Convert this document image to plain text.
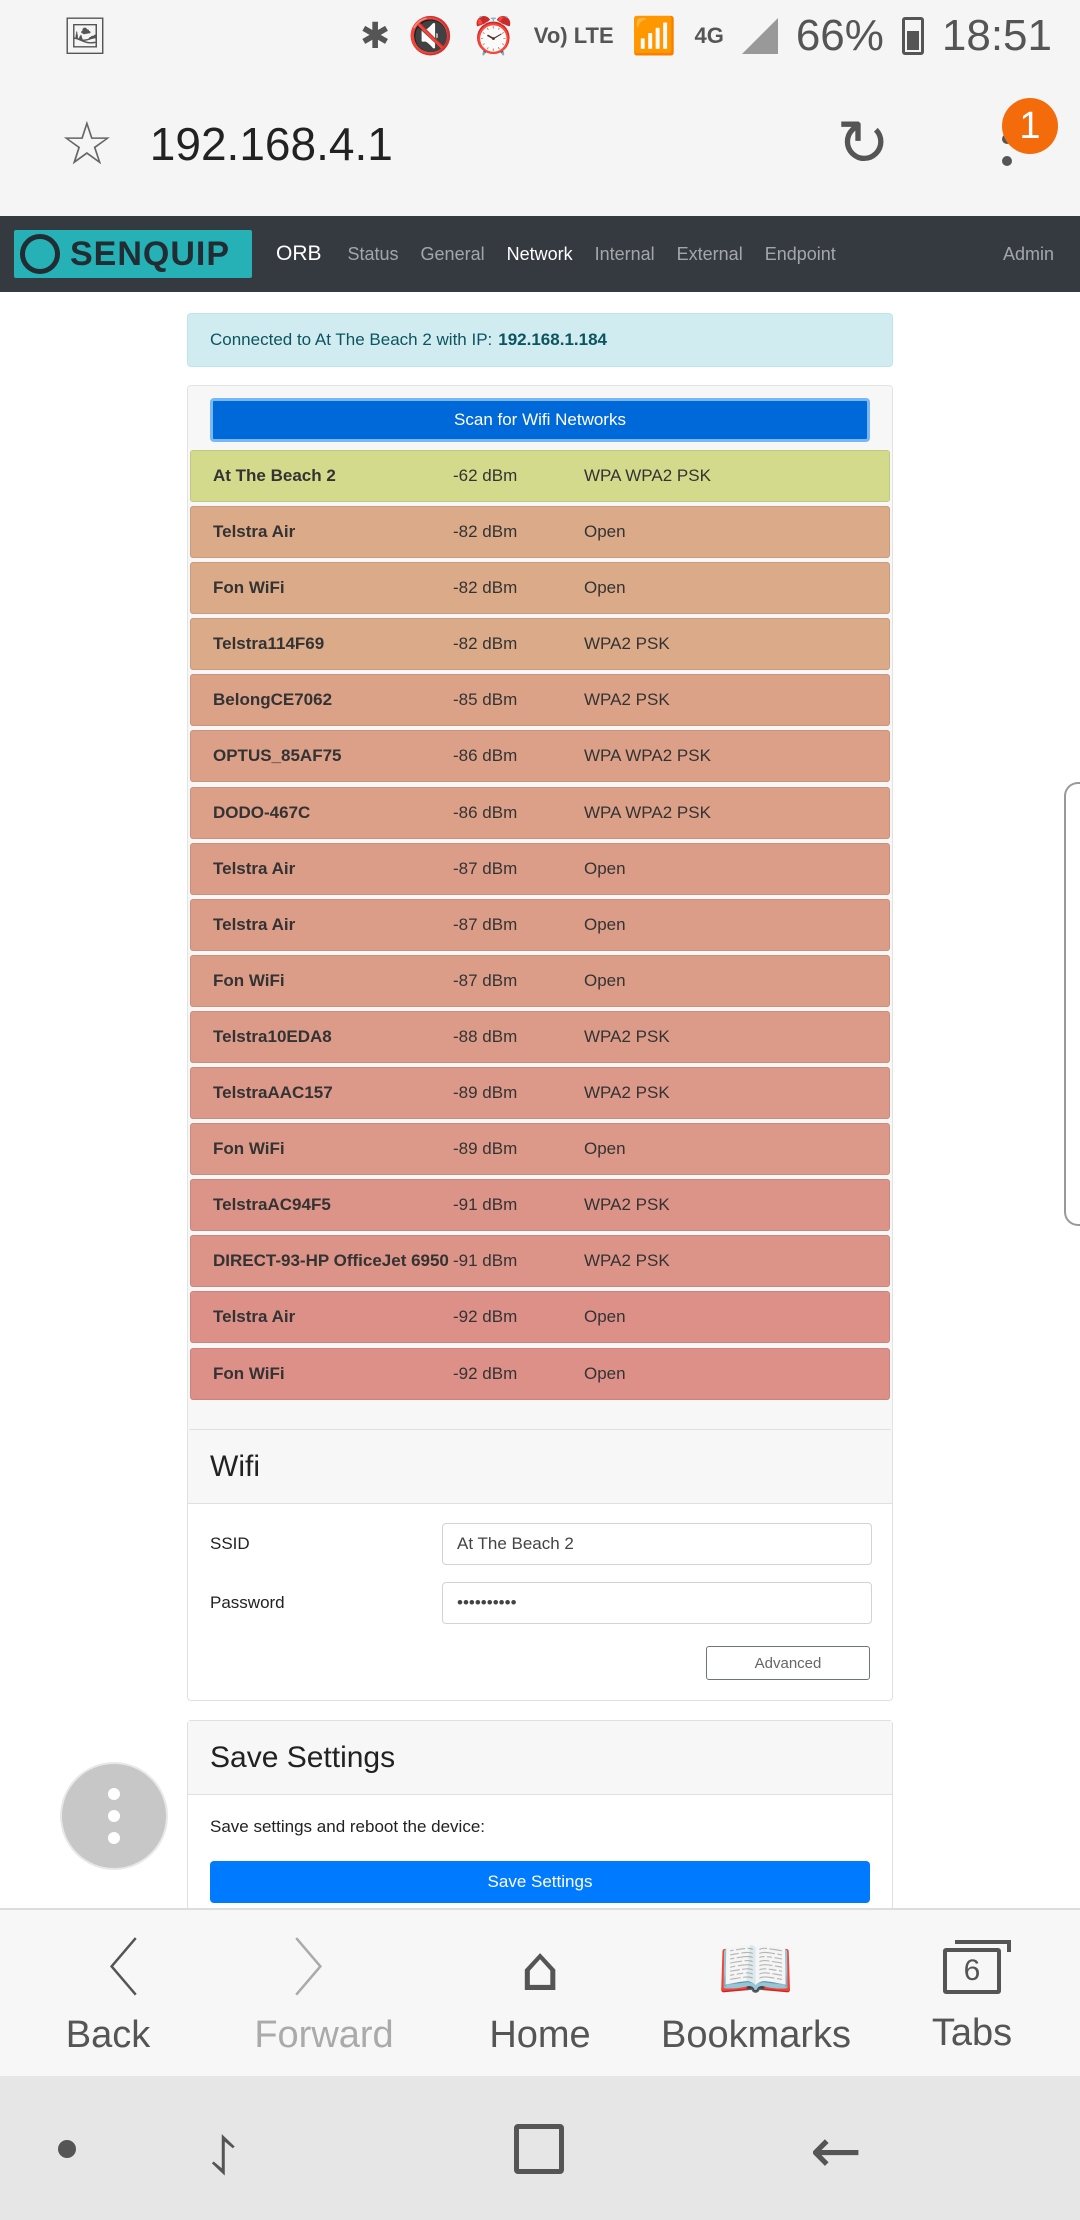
🖼	✱ 🔇 ⏰ Vo) LTE 📶 4G 66% 18:51
☆ 192.168.4.1	↻	1
SENQUIP ORB Status General Network Internal External Endpoint	Admin
Connected to At The Beach 2 with IP: 192.168.1.184
Scan for Wifi Networks
At The Beach 2	-62 dBm	WPA WPA2 PSK
Telstra Air	-82 dBm	Open
Fon WiFi	-82 dBm	Open
Telstra114F69	-82 dBm	WPA2 PSK
BelongCE7062	-85 dBm	WPA2 PSK
OPTUS_85AF75	-86 dBm	WPA WPA2 PSK
DODO-467C	-86 dBm	WPA WPA2 PSK
Telstra Air	-87 dBm	Open
Telstra Air	-87 dBm	Open
Fon WiFi	-87 dBm	Open
Telstra10EDA8	-88 dBm	WPA2 PSK
TelstraAAC157	-89 dBm	WPA2 PSK
Fon WiFi	-89 dBm	Open
TelstraAC94F5	-91 dBm	WPA2 PSK
DIRECT-93-HP OfficeJet 6950 -91 dBm	WPA2 PSK
Telstra Air	-92 dBm	Open
Fon WiFi	-92 dBm	Open
Wifi
SSID	At The Beach 2
Password	••••••••••
Advanced
Save Settings
Save settings and reboot the device:
Save Settings
〈
Back
〉
Forward
⌂
Home
📖
Bookmarks
6
Tabs
⥌	←
